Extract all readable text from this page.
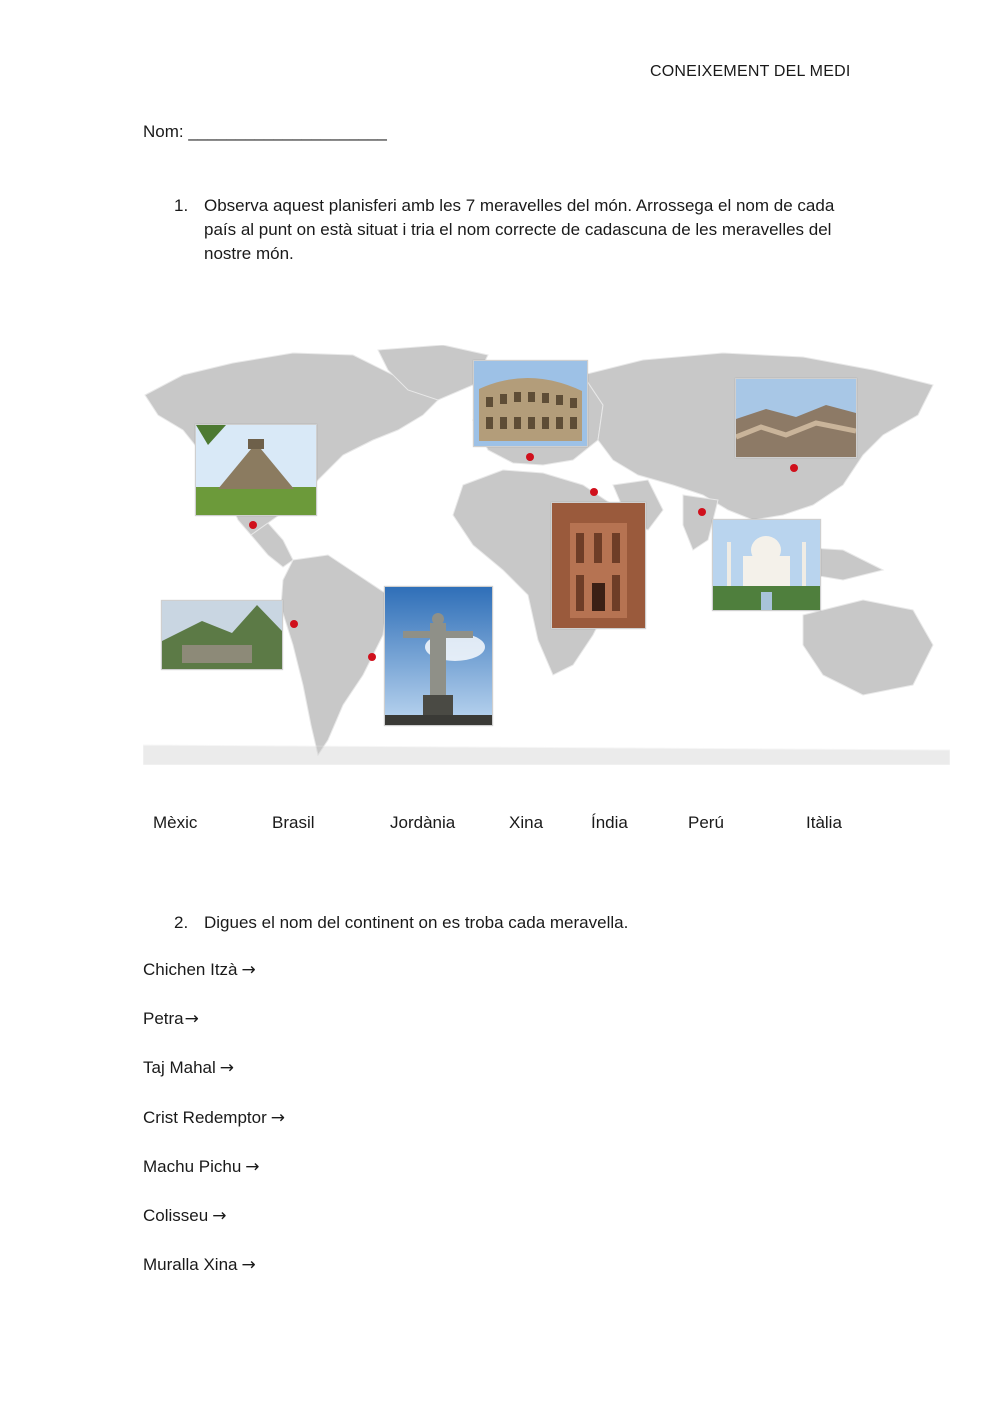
CONEIXEMENT DEL MEDI
Nom: _____________________
1. Observa aquest planisferi amb les 7 meravelles del món. Arrossega el nom de cada país al punt on està situat i tria el nom correcte de cadascuna de les meravelles del nostre món.
Mèxic	Brasil	Jordània	Xina	Índia	Perú	Itàlia
2. Digues el nom del continent on es troba cada meravella.
Chichen Itzà →
Petra→
Taj Mahal →
Crist Redemptor →
Machu Pichu →
Colisseu →
Muralla Xina →
